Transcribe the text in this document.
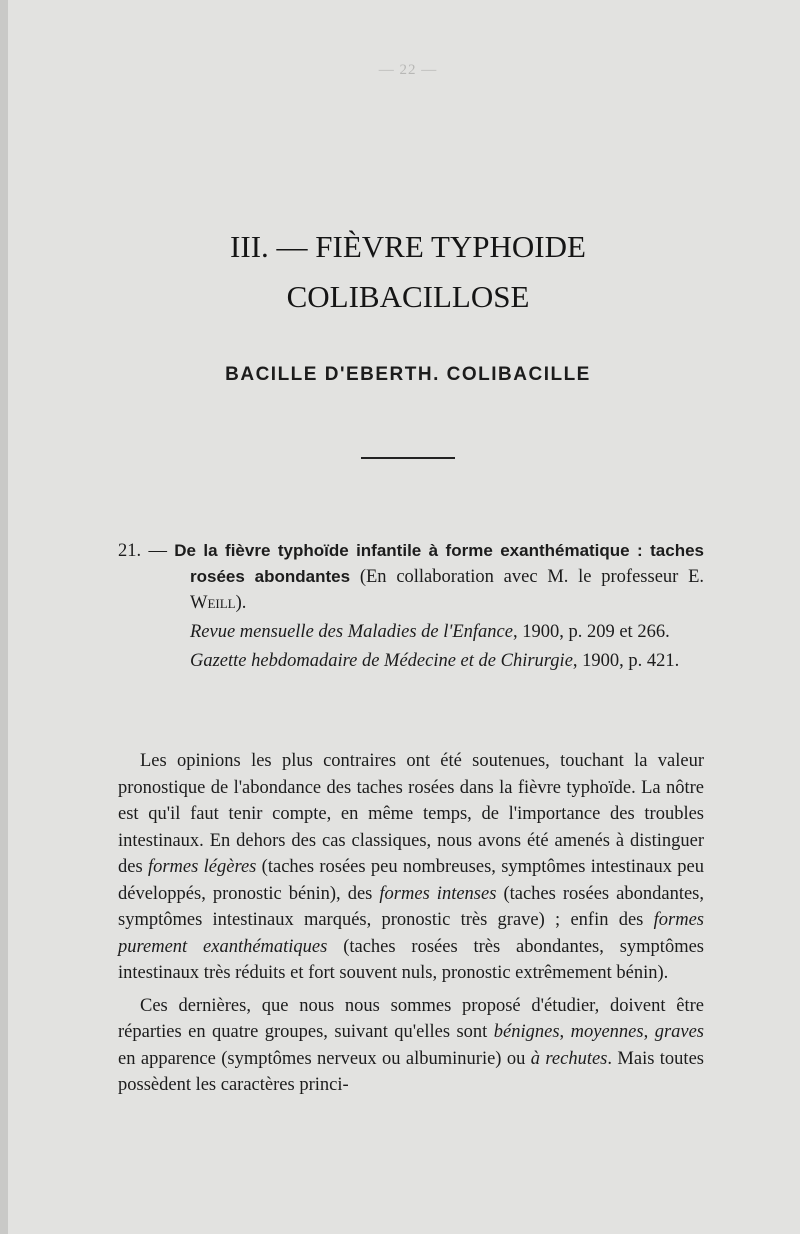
— 22 —
III. — FIÈVRE TYPHOIDE
COLIBACILLOSE
BACILLE D'EBERTH. COLIBACILLE
21. — De la fièvre typhoïde infantile à forme exanthématique : taches rosées abondantes (En collaboration avec M. le professeur E. Weill).
Revue mensuelle des Maladies de l'Enfance, 1900, p. 209 et 266.
Gazette hebdomadaire de Médecine et de Chirurgie, 1900, p. 421.

Les opinions les plus contraires ont été soutenues, touchant la valeur pronostique de l'abondance des taches rosées dans la fièvre typhoïde. La nôtre est qu'il faut tenir compte, en même temps, de l'importance des troubles intestinaux. En dehors des cas classiques, nous avons été amenés à distinguer des formes légères (taches rosées peu nombreuses, symptômes intestinaux peu développés, pronostic bénin), des formes intenses (taches rosées abondantes, symptômes intestinaux marqués, pronostic très grave) ; enfin des formes purement exanthématiques (taches rosées très abondantes, symptômes intestinaux très réduits et fort souvent nuls, pronostic extrêmement bénin).

Ces dernières, que nous nous sommes proposé d'étudier, doivent être réparties en quatre groupes, suivant qu'elles sont bénignes, moyennes, graves en apparence (symptômes nerveux ou albuminurie) ou à rechutes. Mais toutes possèdent les caractères princi-
